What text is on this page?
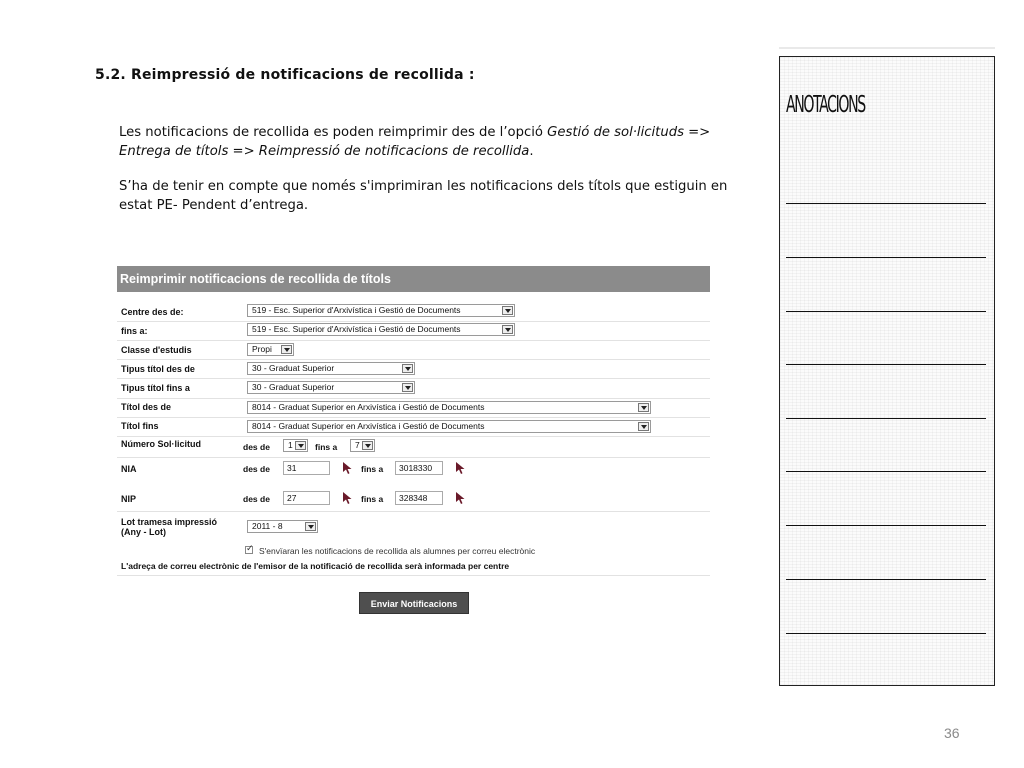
5.2. Reimpressió de notificacions de recollida :
Les notificacions de recollida es poden reimprimir des de l’opció Gestió de sol·licituds => Entrega de títols => Reimpressió de notificacions de recollida.
S’ha de tenir en compte que només s'imprimiran les notificacions dels títols que estiguin en estat PE- Pendent d’entrega.
Reimprimir notificacions de recollida de títols
Centre des de:	519 - Esc. Superior d'Arxivística i Gestió de Documents
fins a:	519 - Esc. Superior d'Arxivística i Gestió de Documents
Classe d'estudis	Propi
Tipus títol des de	30 - Graduat Superior
Tipus títol fins a	30 - Graduat Superior
Títol des de	8014 - Graduat Superior en Arxivística i Gestió de Documents
Títol fins	8014 - Graduat Superior en Arxivística i Gestió de Documents
Número Sol·licitud	des de	1	fins a	7
NIA	des de	31	fins a	3018330
NIP	des de	27	fins a	328348
Lot tramesa impressió
(Any - Lot)
2011 - 8
✓
S'envïaran les notificacions de recollida als alumnes per correu electrònic
L'adreça de correu electrònic de l'emisor de la notificació de recollida serà informada per centre
Enviar Notificacions
ANOTACIONS
36
